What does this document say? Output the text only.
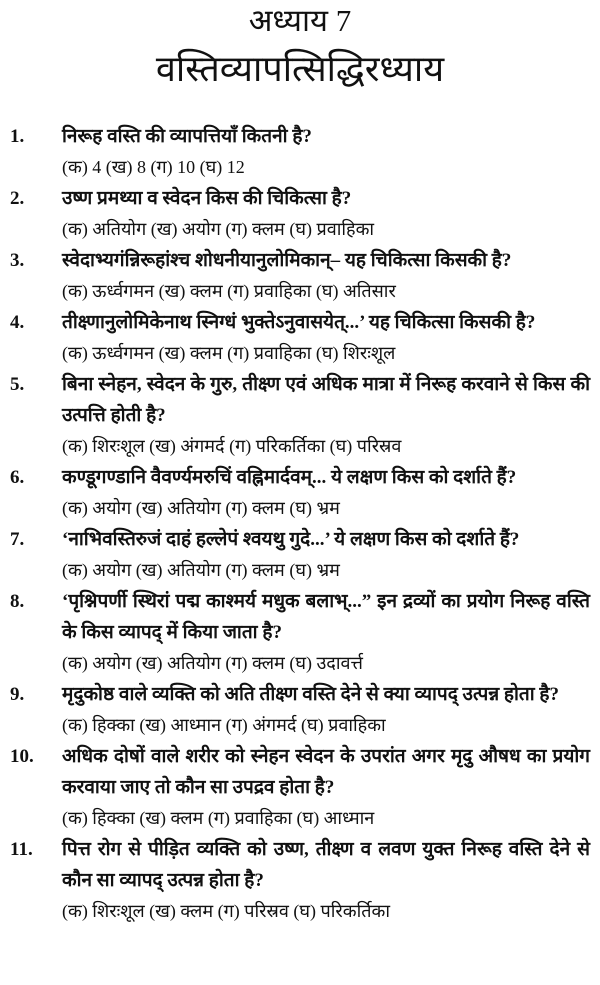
अध्याय 7
वस्तिव्यापत्सिद्धिरध्याय
1. निरूह वस्ति की व्यापत्तियाँ कितनी है?
(क) 4 (ख) 8 (ग) 10 (घ) 12
2. उष्ण प्रमथ्या व स्वेदन किस की चिकित्सा है?
(क) अतियोग (ख) अयोग (ग) क्लम (घ) प्रवाहिका
3. स्वेदाभ्यगंन्निरूहांश्च शोधनीयानुलोमिकान्– यह चिकित्सा किसकी है?
(क) ऊर्ध्वगमन (ख) क्लम (ग) प्रवाहिका (घ) अतिसार
4. तीक्ष्णानुलोमिकेनाथ स्निग्धं भुक्तेऽनुवासयेत्...’ यह चिकित्सा किसकी है?
(क) ऊर्ध्वगमन (ख) क्लम (ग) प्रवाहिका (घ) शिरःशूल
5. बिना स्नेहन, स्वेदन के गुरु, तीक्ष्ण एवं अधिक मात्रा में निरूह करवाने से किस की उत्पत्ति होती है?
(क) शिरःशूल (ख) अंगमर्द (ग) परिकर्तिका (घ) परिस्रव
6. कण्डूगण्डानि वैवर्ण्यमरुचिं वह्निमार्दवम्... ये लक्षण किस को दर्शाते हैं?
(क) अयोग (ख) अतियोग (ग) क्लम (घ) भ्रम
7. ‘नाभिवस्तिरुजं दाहं हल्लेपं श्वयथु गुदे...’ ये लक्षण किस को दर्शाते हैं?
(क) अयोग (ख) अतियोग (ग) क्लम (घ) भ्रम
8. ‘पृश्निपर्णी स्थिरां पद्म काश्मर्य मधुक बलाभ्...” इन द्रव्यों का प्रयोग निरूह वस्ति के किस व्यापद् में किया जाता है?
(क) अयोग (ख) अतियोग (ग) क्लम (घ) उदावर्त्त
9. मृदुकोष्ठ वाले व्यक्ति को अति तीक्ष्ण वस्ति देने से क्या व्यापद् उत्पन्न होता है?
(क) हिक्का (ख) आध्मान (ग) अंगमर्द (घ) प्रवाहिका
10. अधिक दोषों वाले शरीर को स्नेहन स्वेदन के उपरांत अगर मृदु औषध का प्रयोग करवाया जाए तो कौन सा उपद्रव होता है?
(क) हिक्का (ख) क्लम (ग) प्रवाहिका (घ) आध्मान
11. पित्त रोग से पीड़ित व्यक्ति को उष्ण, तीक्ष्ण व लवण युक्त निरूह वस्ति देने से कौन सा व्यापद् उत्पन्न होता है?
(क) शिरःशूल (ख) क्लम (ग) परिस्रव (घ) परिकर्तिका
